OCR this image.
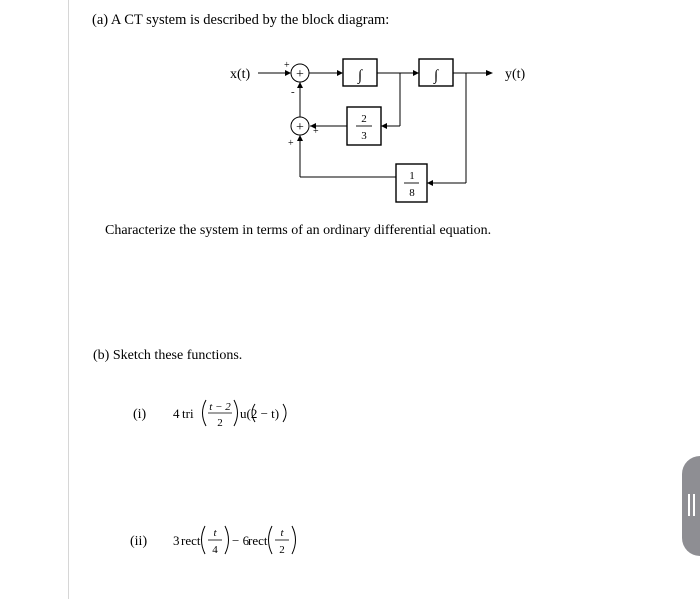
(a) A CT system is described by the block diagram:
x(t)	y(t)
+
+
+
-
+
+
∫	∫
2
3
1
8
(i) 4 tri t − 2
2
u(2 − t)
(ii) 3 rect t
4
− 6
rect t
2
Characterize the system in terms of an ordinary differential equation.
(b) Sketch these functions.
